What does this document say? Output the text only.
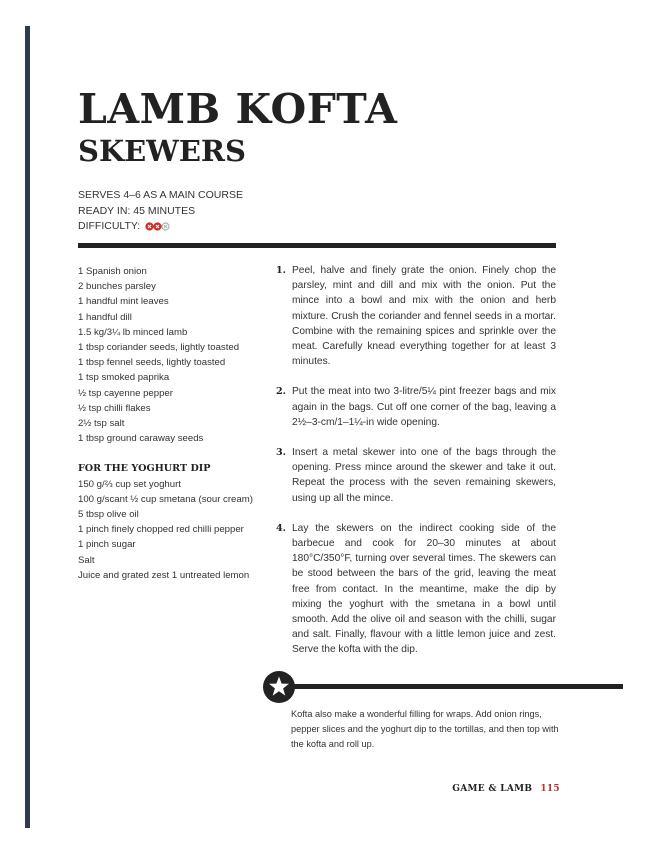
LAMB KOFTA
SKEWERS
SERVES 4–6 AS A MAIN COURSE
READY IN: 45 MINUTES
DIFFICULTY:
1 Spanish onion
2 bunches parsley
1 handful mint leaves
1 handful dill
1.5 kg/3¼ lb minced lamb
1 tbsp coriander seeds, lightly toasted
1 tbsp fennel seeds, lightly toasted
1 tsp smoked paprika
½ tsp cayenne pepper
½ tsp chilli flakes
2½ tsp salt
1 tbsp ground caraway seeds
FOR THE YOGHURT DIP
150 g/⅔ cup set yoghurt
100 g/scant ½ cup smetana (sour cream)
5 tbsp olive oil
1 pinch finely chopped red chilli pepper
1 pinch sugar
Salt
Juice and grated zest 1 untreated lemon
1. Peel, halve and finely grate the onion. Finely chop the parsley, mint and dill and mix with the onion. Put the mince into a bowl and mix with the onion and herb mixture. Crush the coriander and fennel seeds in a mortar. Combine with the remaining spices and sprinkle over the meat. Carefully knead everything together for at least 3 minutes.
2. Put the meat into two 3-litre/5¼ pint freezer bags and mix again in the bags. Cut off one corner of the bag, leaving a 2½–3-cm/1–1¼-in wide opening.
3. Insert a metal skewer into one of the bags through the opening. Press mince around the skewer and take it out. Repeat the process with the seven remaining skewers, using up all the mince.
4. Lay the skewers on the indirect cooking side of the barbecue and cook for 20–30 minutes at about 180°C/350°F, turning over several times. The skewers can be stood between the bars of the grid, leaving the meat free from contact. In the meantime, make the dip by mixing the yoghurt with the smetana in a bowl until smooth. Add the olive oil and season with the chilli, sugar and salt. Finally, flavour with a little lemon juice and zest. Serve the kofta with the dip.
Kofta also make a wonderful filling for wraps. Add onion rings, pepper slices and the yoghurt dip to the tortillas, and then top with the kofta and roll up.
GAME & LAMB 115
